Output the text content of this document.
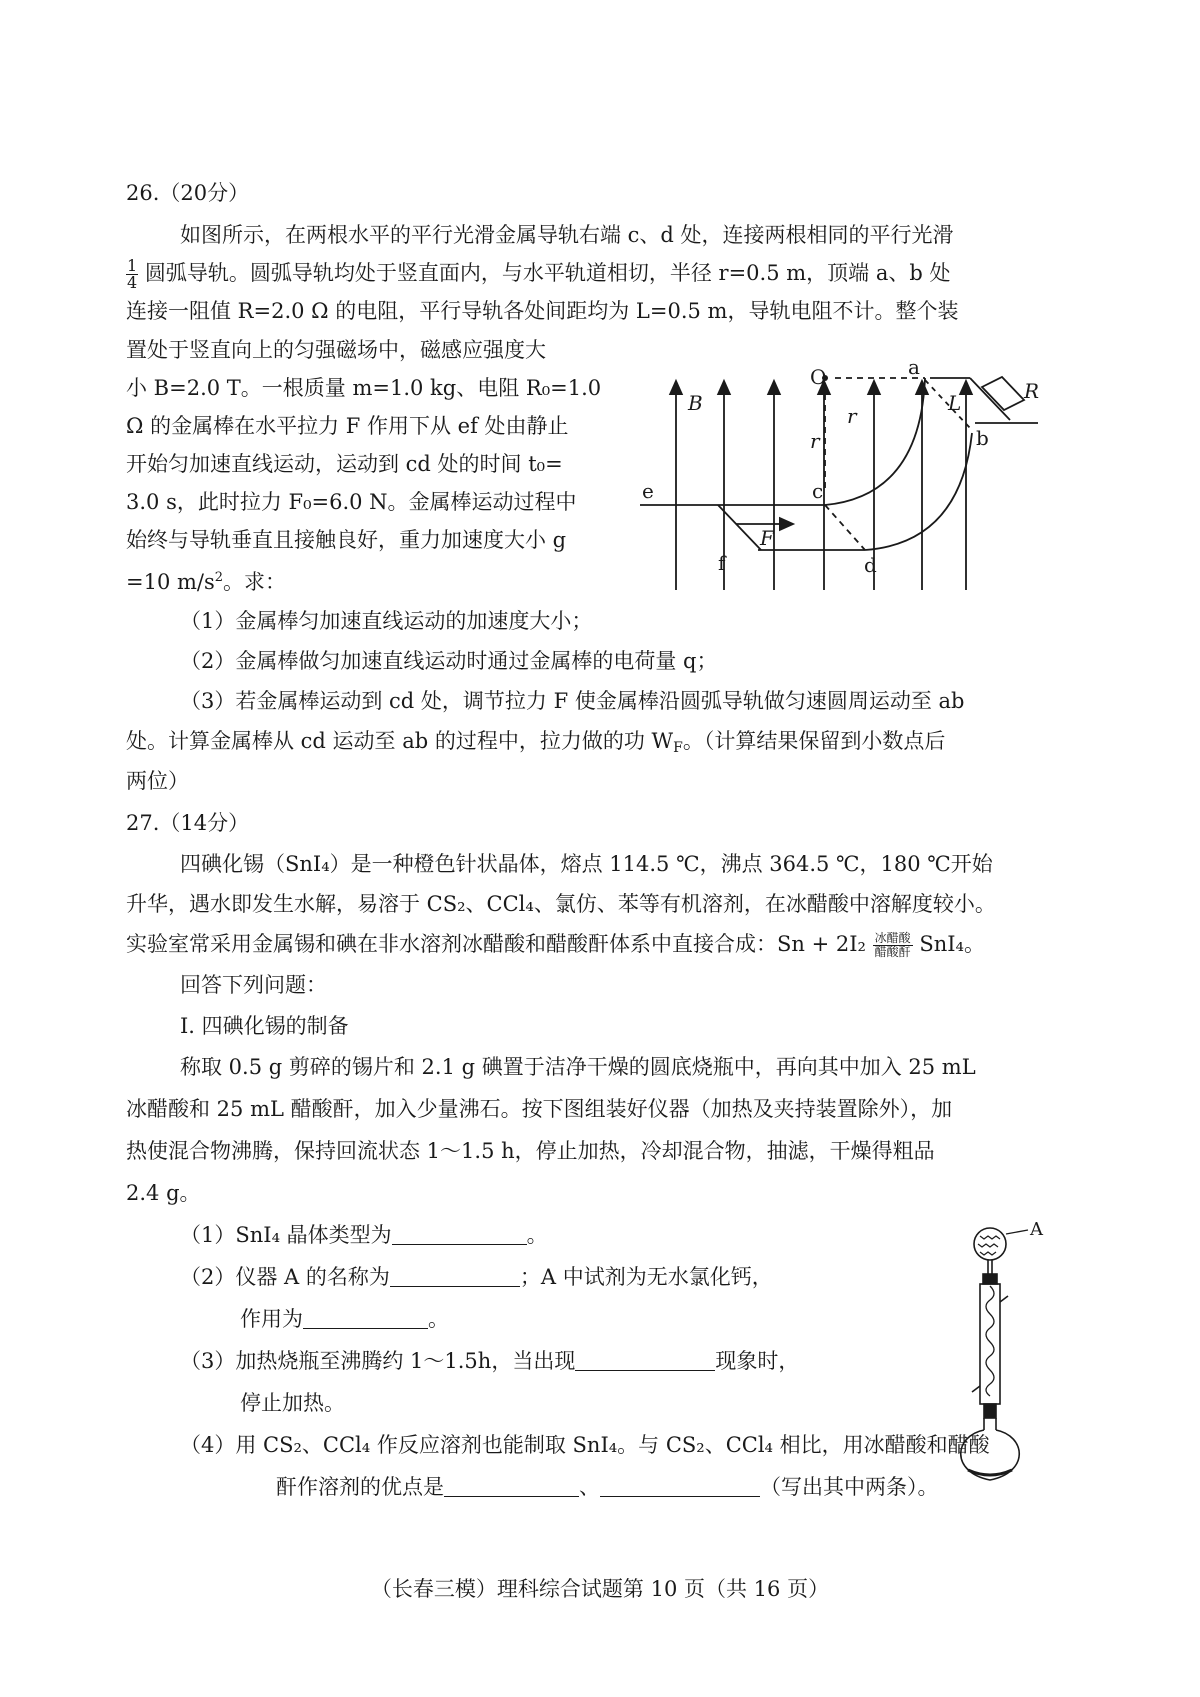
26.（20分）
如图所示，在两根水平的平行光滑金属导轨右端 c、d 处，连接两根相同的平行光滑
$\frac{1}{4}$ 圆弧导轨。圆弧导轨均处于竖直面内，与水平轨道相切，半径 r=0.5 m，顶端 a、b 处
连接一阻值 R=2.0 Ω 的电阻，平行导轨各处间距均为 L=0.5 m，导轨电阻不计。整个装
置处于竖直向上的匀强磁场中，磁感应强度大
小 B=2.0 T。一根质量 m=1.0 kg、电阻 R₀=1.0
Ω 的金属棒在水平拉力 F 作用下从 ef 处由静止
开始匀加速直线运动，运动到 cd 处的时间 t₀=
3.0 s，此时拉力 F₀=6.0 N。金属棒运动过程中
始终与导轨垂直且接触良好，重力加速度大小 g
=10 $m/s^2$。求：
（1）金属棒匀加速直线运动的加速度大小；
（2）金属棒做匀加速直线运动时通过金属棒的电荷量 q；
（3）若金属棒运动到 cd 处，调节拉力 F 使金属棒沿圆弧导轨做匀速圆周运动至 ab
处。计算金属棒从 cd 运动至 ab 的过程中，拉力做的功 $W_F$。（计算结果保留到小数点后
两位）
B
O	a
r
r
L	R
b
c
e
F
f	d
27.（14分）
四碘化锡（SnI₄）是一种橙色针状晶体，熔点 114.5 ℃，沸点 364.5 ℃，180 ℃开始
升华，遇水即发生水解，易溶于 CS₂、CCl₄、氯仿、苯等有机溶剂，在冰醋酸中溶解度较小。
实验室常采用金属锡和碘在非水溶剂冰醋酸和醋酸酐体系中直接合成：Sn + 2I₂ 冰醋酸
醋酸酐 SnI₄。
回答下列问题：
I. 四碘化锡的制备
称取 0.5 g 剪碎的锡片和 2.1 g 碘置于洁净干燥的圆底烧瓶中，再向其中加入 25 mL
冰醋酸和 25 mL 醋酸酐，加入少量沸石。按下图组装好仪器（加热及夹持装置除外），加
热使混合物沸腾，保持回流状态 1～1.5 h，停止加热，冷却混合物，抽滤，干燥得粗品
2.4 g。
（1）SnI₄ 晶体类型为	。
（2）仪器 A 的名称为	；A 中试剂为无水氯化钙，
作用为	。
（3）加热烧瓶至沸腾约 1～1.5h，当出现	现象时，
停止加热。
（4）用 CS₂、CCl₄ 作反应溶剂也能制取 SnI₄。与 CS₂、CCl₄ 相比，用冰醋酸和醋酸
酐作溶剂的优点是	、	（写出其中两条）。
A
（长春三模）理科综合试题第 10 页（共 16 页）
